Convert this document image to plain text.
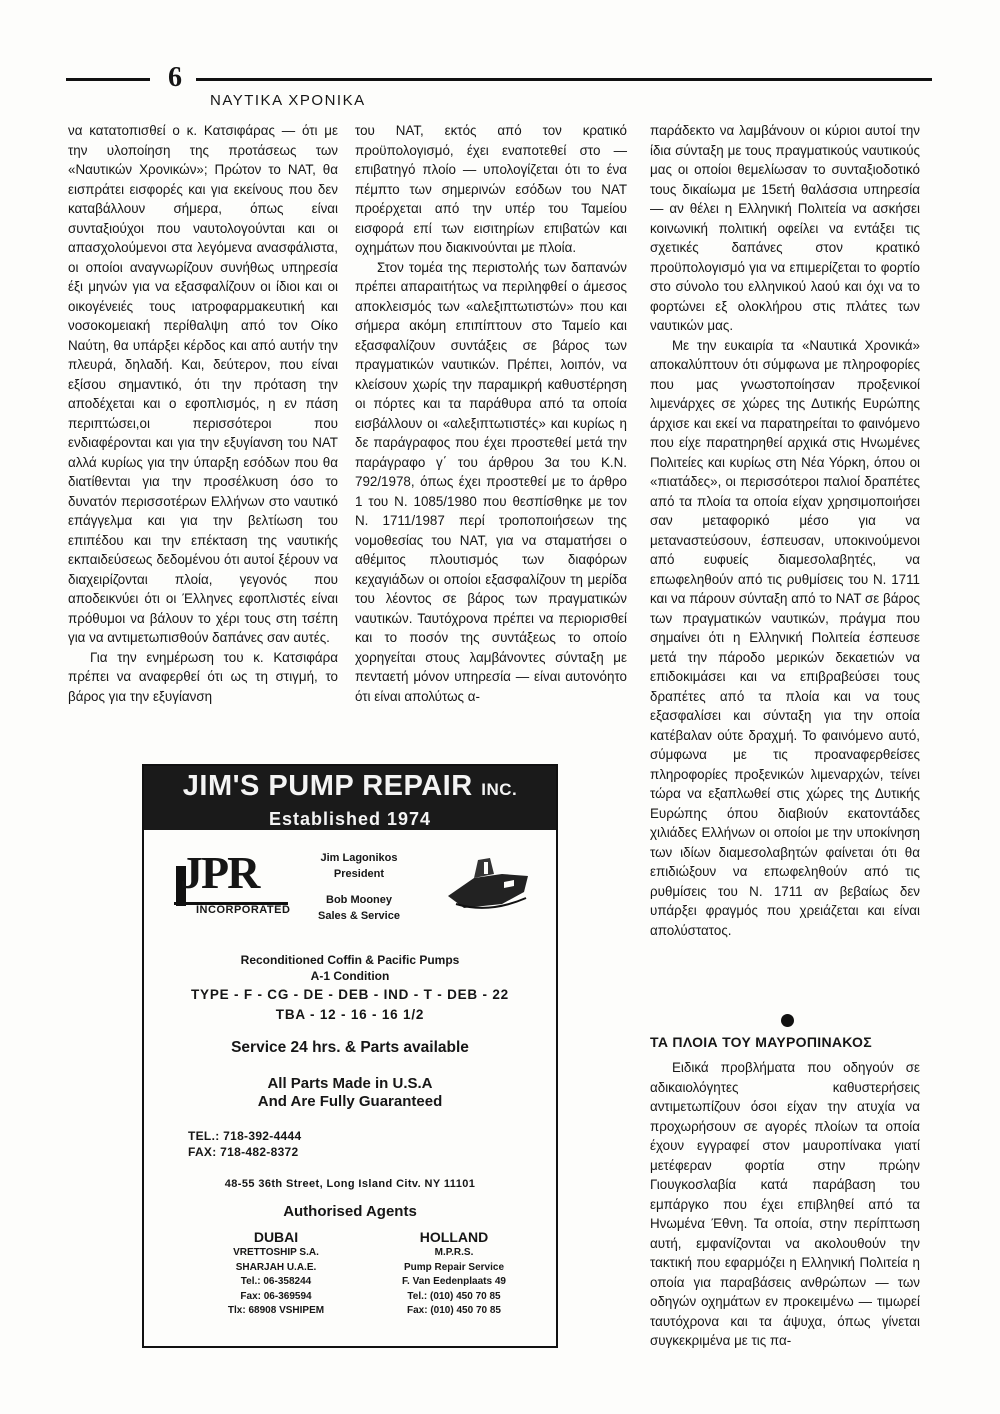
6
ΝΑΥΤΙΚΑ ΧΡΟΝΙΚΑ

να κατατοπισθεί ο κ. Κατσιφάρας — ότι με την υλοποίηση της προτάσεως των «Ναυτικών Χρονικών»; Πρώτον το ΝΑΤ, θα εισπράτει εισφορές και για εκείνους που δεν καταβάλλουν σήμερα, όπως είναι συνταξιούχοι που ναυτολογούνται και οι απασχολούμενοι στα λεγόμενα ανασφάλιστα, οι οποίοι αναγνωρίζουν συνήθως υπηρεσία έξι μηνών για να εξασφαλίζουν οι ίδιοι και οι οικογένειές τους ιατροφαρμακευτική και νοσοκομειακή περίθαλψη από τον Οίκο Ναύτη, θα υπάρξει κέρδος και από αυτήν την πλευρά, δηλαδή. Και, δεύτερον, που είναι εξίσου σημαντικό, ότι την πρόταση την αποδέχεται και ο εφοπλισμός, η εν πάση περιπτώσει,οι περισσότεροι που ενδιαφέρονται και για την εξυγίανση του ΝΑΤ αλλά κυρίως για την ύπαρξη εσόδων που θα διατίθενται για την προσέλκυση όσο το δυνατόν περισσοτέρων Ελλήνων στο ναυτικό επάγγελμα και για την βελτίωση του επιπέδου και την επέκταση της ναυτικής εκπαιδεύσεως δεδομένου ότι αυτοί ξέρουν να διαχειρίζονται πλοία, γεγονός που αποδεικνύει ότι οι Έλληνες εφοπλιστές είναι πρόθυμοι να βάλουν το χέρι τους στη τσέπη για να αντιμετωπισθούν δαπάνες σαν αυτές.

Για την ενημέρωση του κ. Κατσιφάρα πρέπει να αναφερθεί ότι ως τη στιγμή, το βάρος για την εξυγίανση

του ΝΑΤ, εκτός από τον κρατικό προϋπολογισμό, έχει εναποτεθεί στο — επιβατηγό πλοίο — υπολογίζεται ότι το ένα πέμπτο των σημερινών εσόδων του ΝΑΤ προέρχεται από την υπέρ του Ταμείου εισφορά επί των εισιτηρίων επιβατών και οχημάτων που διακινούνται με πλοία.

Στον τομέα της περιστολής των δαπανών πρέπει απαραιτήτως να περιληφθεί ο άμεσος αποκλεισμός των «αλεξιπτωτιστών» που και σήμερα ακόμη επιπίπτουν στο Ταμείο και εξασφαλίζουν συντάξεις σε βάρος των πραγματικών ναυτικών. Πρέπει, λοιπόν, να κλείσουν χωρίς την παραμικρή καθυστέρηση οι πόρτες και τα παράθυρα από τα οποία εισβάλλουν οι «αλεξιπτωτιστές» και κυρίως η δε παράγραφος που έχει προστεθεί μετά την παράγραφο γ΄ του άρθρου 3α του Κ.Ν. 792/1978, όπως έχει προστεθεί με το άρθρο 1 του Ν. 1085/1980 που θεσπίσθηκε με τον Ν. 1711/1987 περί τροποποιήσεων της νομοθεσίας του ΝΑΤ, για να σταματήσει ο αθέμιτος πλουτισμός των διαφόρων κεχαγιάδων οι οποίοι εξασφαλίζουν τη μερίδα του λέοντος σε βάρος των πραγματικών ναυτικών. Ταυτόχρονα πρέπει να περιορισθεί και το ποσόν της συντάξεως το οποίο χορηγείται στους λαμβάνοντες σύνταξη με πενταετή μόνον υπηρεσία — είναι αυτονόητο ότι είναι απολύτως α-

παράδεκτο να λαμβάνουν οι κύριοι αυτοί την ίδια σύνταξη με τους πραγματικούς ναυτικούς μας οι οποίοι θεμελίωσαν το συνταξιοδοτικό τους δικαίωμα με 15ετή θαλάσσια υπηρεσία — αν θέλει η Ελληνική Πολιτεία να ασκήσει κοινωνική πολιτική οφείλει να εντάξει τις σχετικές δαπάνες στον κρατικό προϋπολογισμό για να επιμερίζεται το φορτίο στο σύνολο του ελληνικού λαού και όχι να το φορτώνει εξ ολοκλήρου στις πλάτες των ναυτικών μας.

Με την ευκαιρία τα «Ναυτικά Χρονικά» αποκαλύπτουν ότι σύμφωνα με πληροφορίες που μας γνωστοποίησαν προξενικοί λιμενάρχες σε χώρες της Δυτικής Ευρώπης άρχισε και εκεί να παρατηρείται το φαινόμενο που είχε παρατηρηθεί αρχικά στις Ηνωμένες Πολιτείες και κυρίως στη Νέα Υόρκη, όπου οι «πιατάδες», οι περισσότεροι παλιοί δραπέτες από τα πλοία τα οποία είχαν χρησιμοποιήσει σαν μεταφορικό μέσο για να μεταναστεύσουν, έσπευσαν, υποκινούμενοι από ευφυείς διαμεσολαβητές, να επωφεληθούν από τις ρυθμίσεις του Ν. 1711 και να πάρουν σύνταξη από το ΝΑΤ σε βάρος των πραγματικών ναυτικών, πράγμα που σημαίνει ότι η Ελληνική Πολιτεία έσπευσε μετά την πάροδο μερικών δεκαετιών να επιδοκιμάσει και να επιβραβεύσει τους δραπέτες από τα πλοία και να τους εξασφαλίσει και σύνταξη για την οποία κατέβαλαν ούτε δραχμή. Το φαινόμενο αυτό, σύμφωνα με τις προαναφερθείσες πληροφορίες προξενικών λιμεναρχών, τείνει τώρα να εξαπλωθεί στις χώρες της Δυτικής Ευρώπης όπου διαβιούν εκατοντάδες χιλιάδες Ελλήνων οι οποίοι με την υποκίνηση των ιδίων διαμεσολαβητών φαίνεται ότι θα επιδιώξουν να επωφεληθούν από τις ρυθμίσεις του Ν. 1711 αν βεβαίως δεν υπάρξει φραγμός που χρειάζεται και είναι απολύστατος.

ΤΑ ΠΛΟΙΑ ΤΟΥ ΜΑΥΡΟΠΙΝΑΚΟΣ

Ειδικά προβλήματα που οδηγούν σε αδικαιολόγητες καθυστερήσεις αντιμετωπίζουν όσοι είχαν την ατυχία να προχωρήσουν σε αγορές πλοίων τα οποία έχουν εγγραφεί στον μαυροπίνακα γιατί μετέφεραν φορτία στην πρώην Γιουγκοσλαβία κατά παράβαση του εμπάργκο που έχει επιβληθεί από τα Ηνωμένα Έθνη. Τα οποία, στην περίπτωση αυτή, εμφανίζονται να ακολουθούν την τακτική που εφαρμόζει η Ελληνική Πολιτεία η οποία για παραβάσεις ανθρώπων — των οδηγών οχημάτων εν προκειμένω — τιμωρεί ταυτόχρονα και τα άψυχα, όπως γίνεται συγκεκριμένα με τις πα-

JIM'S PUMP REPAIR INC.
Established 1974
JPR
INCORPORATED
Jim Lagonikos
President
Bob Mooney
Sales & Service
Reconditioned Coffin & Pacific Pumps
A-1 Condition
TYPE - F - CG - DE - DEB - IND - T - DEB - 22
TBA - 12 - 16 - 16 1/2
Service 24 hrs. & Parts available
All Parts Made in U.S.A
And Are Fully Guaranteed
TEL.: 718-392-4444
FAX: 718-482-8372
48-55 36th Street, Long Island Citv. NY 11101
Authorised Agents
DUBAI
VRETTOSHIP S.A.
SHARJAH U.A.E.
Tel.: 06-358244
Fax: 06-369594
Tlx: 68908 VSHIPEM
HOLLAND
M.P.R.S.
Pump Repair Service
F. Van Eedenplaats 49
Tel.: (010) 450 70 85
Fax: (010) 450 70 85
